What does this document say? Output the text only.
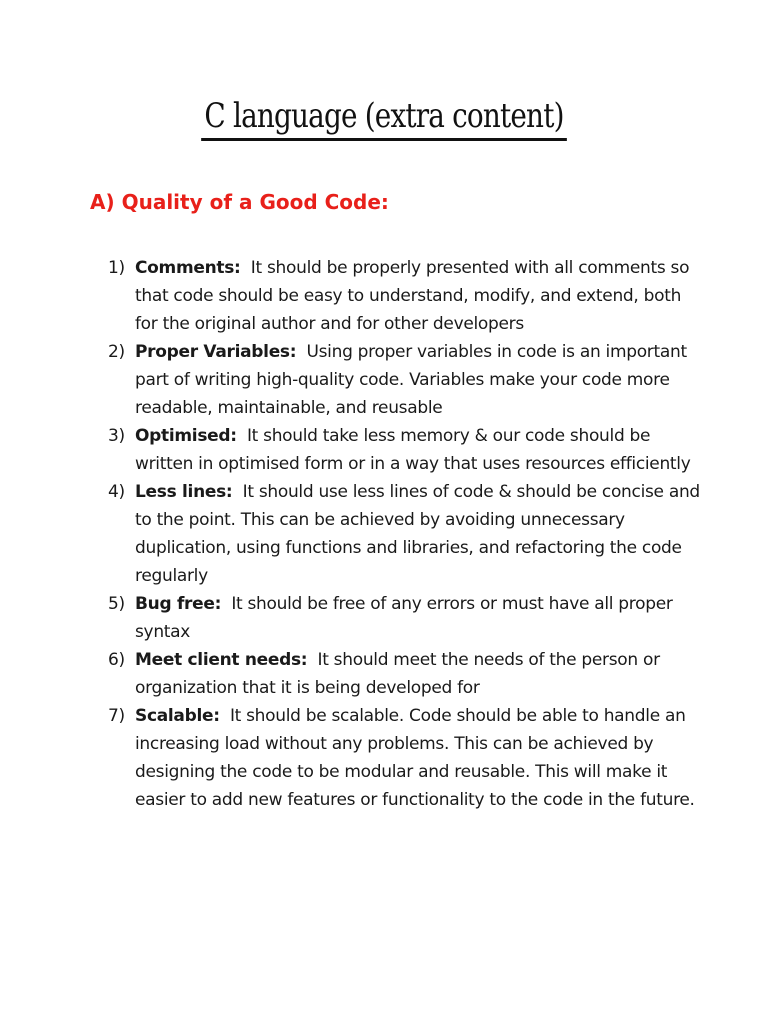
C language (extra content)
A) Quality of a Good Code:
1) Comments: It should be properly presented with all comments so that code should be easy to understand, modify, and extend, both for the original author and for other developers
2) Proper Variables: Using proper variables in code is an important part of writing high-quality code. Variables make your code more readable, maintainable, and reusable
3) Optimised: It should take less memory & our code should be written in optimised form or in a way that uses resources efficiently
4) Less lines: It should use less lines of code & should be concise and to the point. This can be achieved by avoiding unnecessary duplication, using functions and libraries, and refactoring the code regularly
5) Bug free: It should be free of any errors or must have all proper syntax
6) Meet client needs: It should meet the needs of the person or organization that it is being developed for
7) Scalable: It should be scalable. Code should be able to handle an increasing load without any problems. This can be achieved by designing the code to be modular and reusable. This will make it easier to add new features or functionality to the code in the future.
